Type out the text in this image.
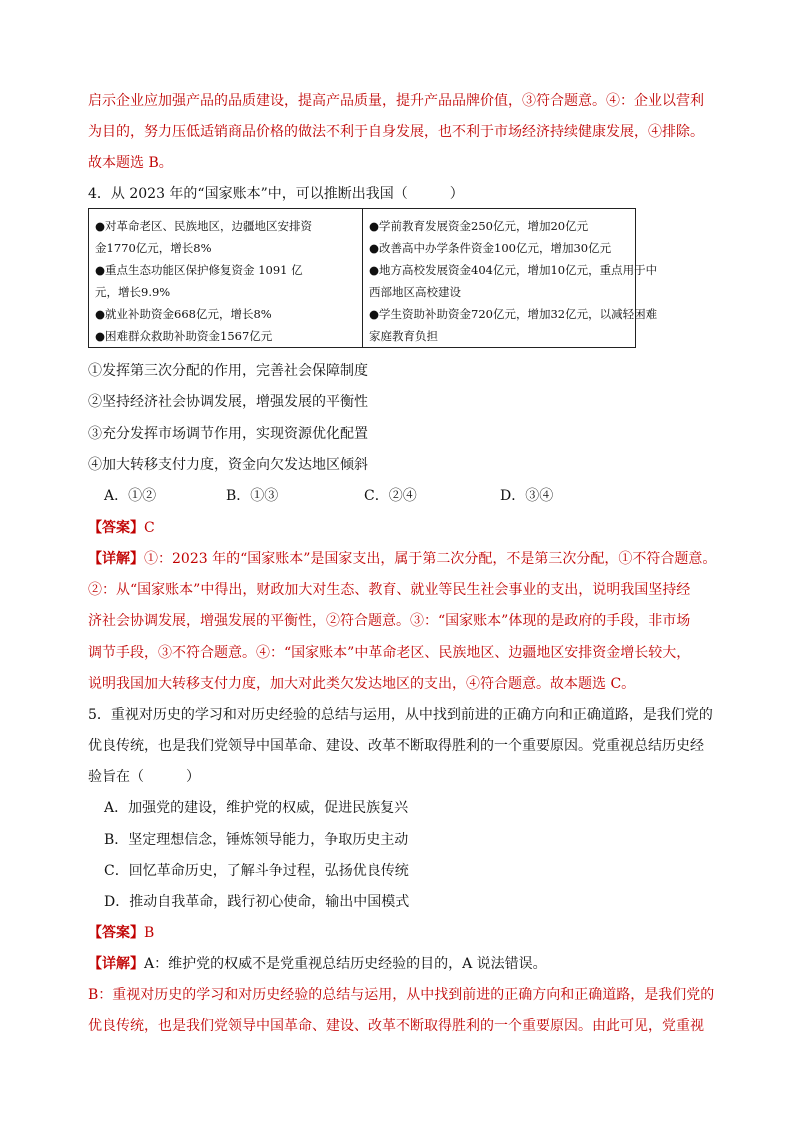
启示企业应加强产品的品质建设，提高产品质量，提升产品品牌价值，③符合题意。④：企业以营利
为目的，努力压低适销商品价格的做法不利于自身发展，也不利于市场经济持续健康发展，④排除。
故本题选 B。
4．从 2023 年的“国家账本”中，可以推断出我国（　　　）
●对革命老区、民族地区，边疆地区安排资
金1770亿元，增长8%
●重点生态功能区保护修复资金 1091 亿
元，增长9.9%
●就业补助资金668亿元，增长8%
●困难群众救助补助资金1567亿元
●学前教育发展资金250亿元，增加20亿元
●改善高中办学条件资金100亿元，增加30亿元
●地方高校发展资金404亿元，增加10亿元，重点用于中
西部地区高校建设
●学生资助补助资金720亿元，增加32亿元，以减轻困难
家庭教育负担
①发挥第三次分配的作用，完善社会保障制度
②坚持经济社会协调发展，增强发展的平衡性
③充分发挥市场调节作用，实现资源优化配置
④加大转移支付力度，资金向欠发达地区倾斜
A．①②	B．①③	C．②④	D．③④
【答案】C
【详解】①：2023 年的“国家账本”是国家支出，属于第二次分配，不是第三次分配，①不符合题意。
②：从“国家账本”中得出，财政加大对生态、教育、就业等民生社会事业的支出，说明我国坚持经
济社会协调发展，增强发展的平衡性，②符合题意。③：“国家账本”体现的是政府的手段，非市场
调节手段，③不符合题意。④：“国家账本”中革命老区、民族地区、边疆地区安排资金增长较大，
说明我国加大转移支付力度，加大对此类欠发达地区的支出，④符合题意。故本题选 C。
5．重视对历史的学习和对历史经验的总结与运用，从中找到前进的正确方向和正确道路，是我们党的
优良传统，也是我们党领导中国革命、建设、改革不断取得胜利的一个重要原因。党重视总结历史经
验旨在（　　　）
A．加强党的建设，维护党的权威，促进民族复兴
B．坚定理想信念，锤炼领导能力，争取历史主动
C．回忆革命历史，了解斗争过程，弘扬优良传统
D．推动自我革命，践行初心使命，输出中国模式
【答案】B
【详解】A：维护党的权威不是党重视总结历史经验的目的，A 说法错误。
B：重视对历史的学习和对历史经验的总结与运用，从中找到前进的正确方向和正确道路，是我们党的
优良传统，也是我们党领导中国革命、建设、改革不断取得胜利的一个重要原因。由此可见，党重视
